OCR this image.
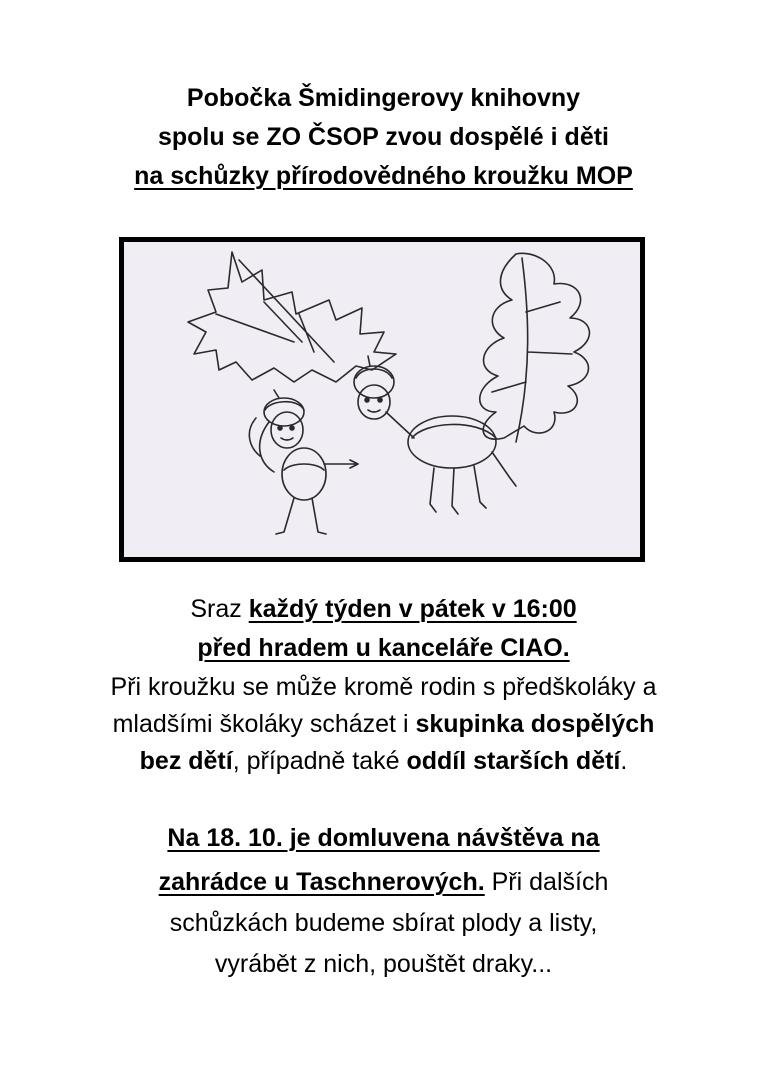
Pobočka Šmidingerovy knihovny
spolu se ZO ČSOP zvou dospělé i děti
na schůzky přírodovědného kroužku MOP
Sraz každý týden v pátek v 16:00
před hradem u kanceláře CIAO.
Při kroužku se může kromě rodin s předškoláky a
mladšími školáky scházet i skupinka dospělých
bez dětí, případně také oddíl starších dětí.
Na 18. 10. je domluvena návštěva na
zahrádce u Taschnerových. Při dalších
schůzkách budeme sbírat plody a listy,
vyrábět z nich, pouštět draky...
